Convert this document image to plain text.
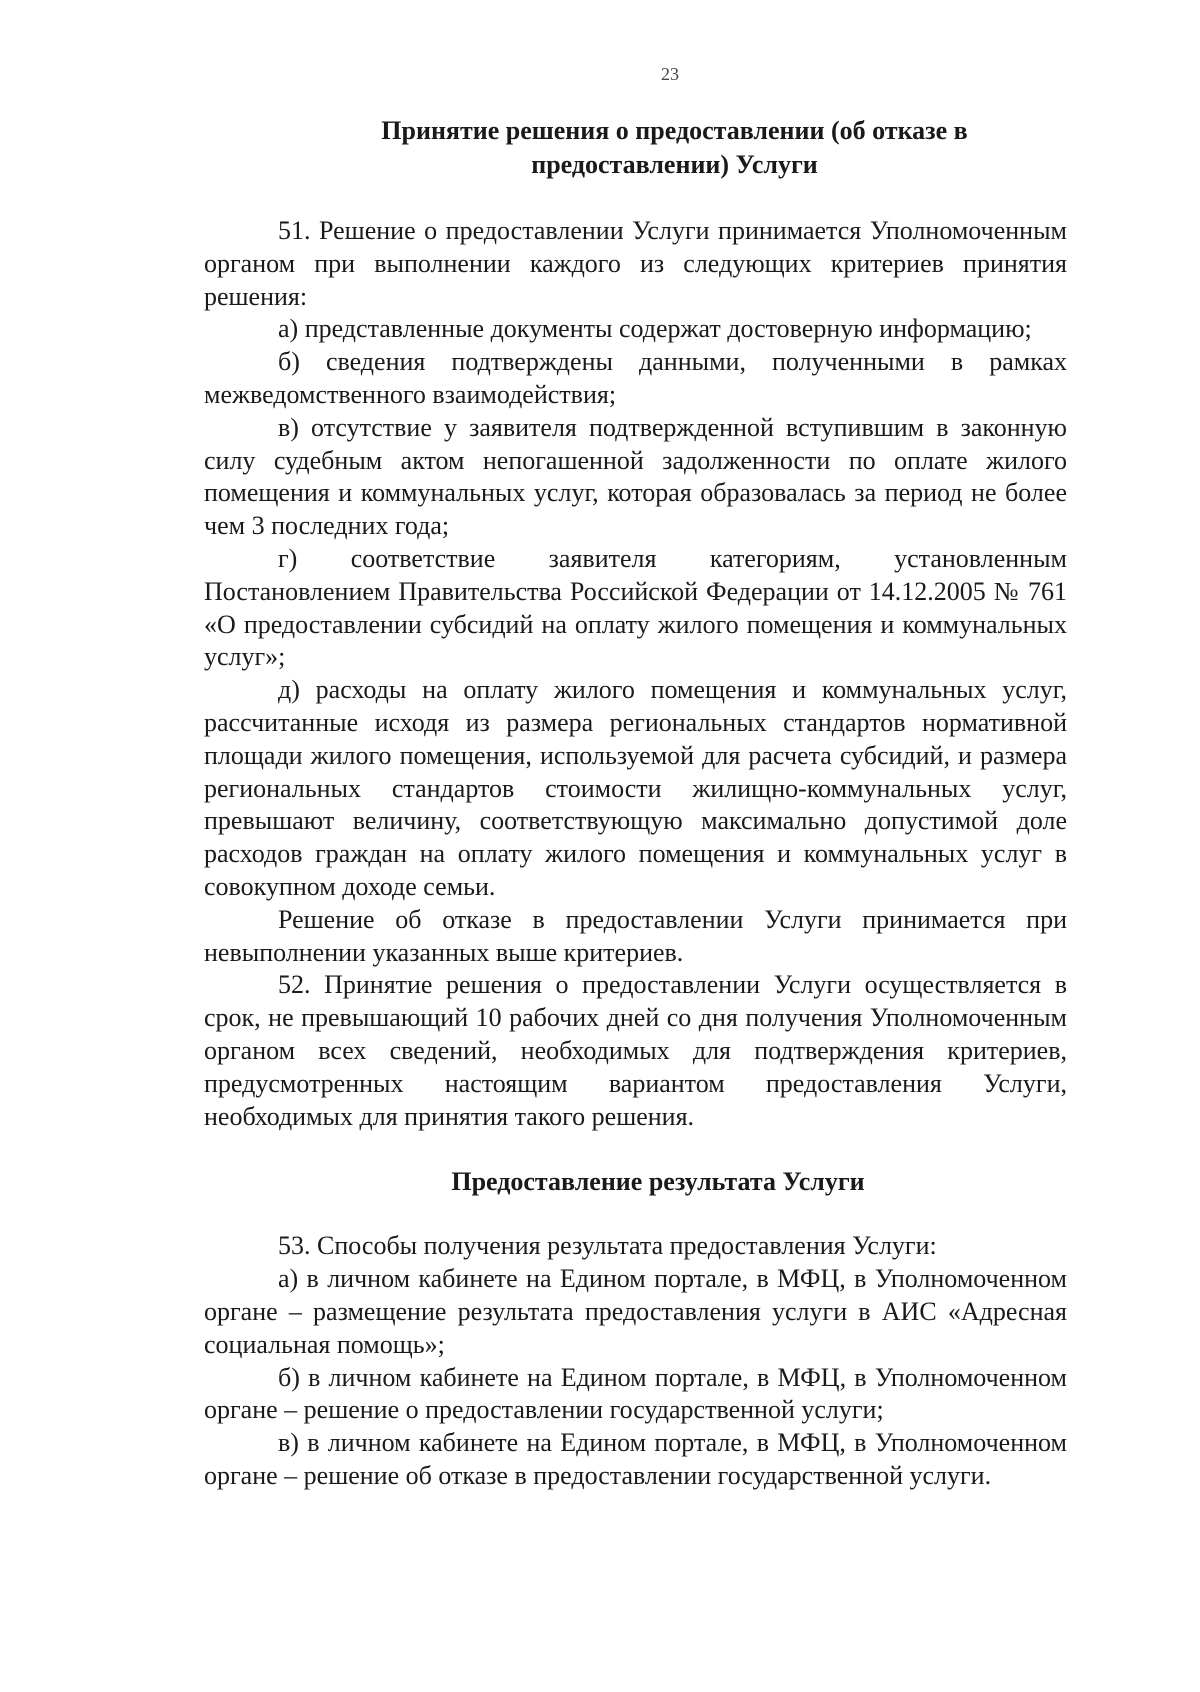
23
Принятие решения о предоставлении (об отказе в
предоставлении) Услуги

51. Решение о предоставлении Услуги принимается Уполномоченным органом при выполнении каждого из следующих критериев принятия решения:

а) представленные документы содержат достоверную информацию;

б) сведения подтверждены данными, полученными в рамках межведомственного взаимодействия;

в) отсутствие у заявителя подтвержденной вступившим в законную силу судебным актом непогашенной задолженности по оплате жилого помещения и коммунальных услуг, которая образовалась за период не более чем 3 последних года;

г) соответствие заявителя категориям, установленным Постановлением Правительства Российской Федерации от 14.12.2005 № 761 «О предоставлении субсидий на оплату жилого помещения и коммунальных услуг»;

д) расходы на оплату жилого помещения и коммунальных услуг, рассчитанные исходя из размера региональных стандартов нормативной площади жилого помещения, используемой для расчета субсидий, и размера региональных стандартов стоимости жилищно-коммунальных услуг, превышают величину, соответствующую максимально допустимой доле расходов граждан на оплату жилого помещения и коммунальных услуг в совокупном доходе семьи.

Решение об отказе в предоставлении Услуги принимается при невыполнении указанных выше критериев.

52. Принятие решения о предоставлении Услуги осуществляется в срок, не превышающий 10 рабочих дней со дня получения Уполномоченным органом всех сведений, необходимых для подтверждения критериев, предусмотренных настоящим вариантом предоставления Услуги, необходимых для принятия такого решения.

Предоставление результата Услуги

53. Способы получения результата предоставления Услуги:

а) в личном кабинете на Едином портале, в МФЦ, в Уполномоченном органе – размещение результата предоставления услуги в АИС «Адресная социальная помощь»;

б) в личном кабинете на Едином портале, в МФЦ, в Уполномоченном органе – решение о предоставлении государственной услуги;

в) в личном кабинете на Едином портале, в МФЦ, в Уполномоченном органе – решение об отказе в предоставлении государственной услуги.
